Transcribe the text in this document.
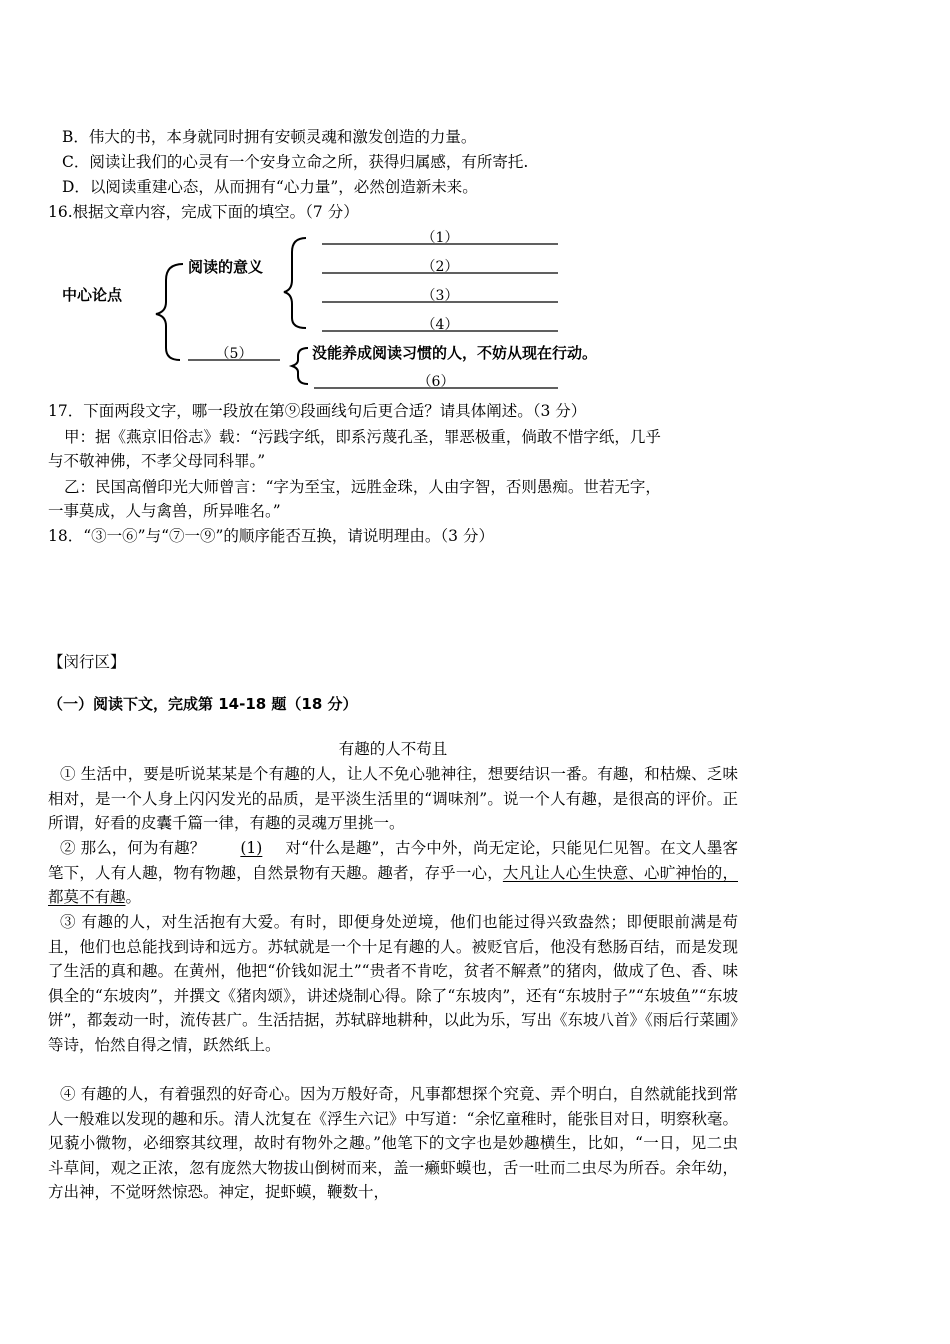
B．伟大的书，本身就同时拥有安顿灵魂和激发创造的力量。
C．阅读让我们的心灵有一个安身立命之所，获得归属感，有所寄托.
D．以阅读重建心态，从而拥有“心力量”，必然创造新未来。
16.根据文章内容，完成下面的填空。（7 分）
中心论点
阅读的意义
（1）
（2）
（3）
（4）
（5）	没能养成阅读习惯的人，不妨从现在行动。
（6）
17．下面两段文字，哪一段放在第⑨段画线句后更合适？请具体阐述。（3 分）
甲：据《燕京旧俗志》载：“污践字纸，即系污蔑孔圣，罪恶极重，倘敢不惜字纸，几乎
与不敬神佛，不孝父母同科罪。”
乙：民国高僧印光大师曾言：“字为至宝，远胜金珠，人由字智，否则愚痴。世若无字，
一事莫成，人与禽兽，所异唯名。”
18．“③一⑥”与“⑦一⑨”的顺序能否互换，请说明理由。（3 分）
【闵行区】
（一）阅读下文，完成第 14-18 题（18 分）
有趣的人不苟且
① 生活中，要是听说某某是个有趣的人，让人不免心驰神往，想要结识一番。有趣，和枯燥、乏味相对，是一个人身上闪闪发光的品质，是平淡生活里的“调味剂”。说一个人有趣，是很高的评价。正所谓，好看的皮囊千篇一律，有趣的灵魂万里挑一。
② 那么，何为有趣？ (1) 对“什么是趣”，古今中外，尚无定论，只能见仁见智。在文人墨客笔下，人有人趣，物有物趣，自然景物有天趣。趣者，存乎一心，大凡让人心生快意、心旷神怡的，都莫不有趣。
③ 有趣的人，对生活抱有大爱。有时，即便身处逆境，他们也能过得兴致盎然；即便眼前满是苟且，他们也总能找到诗和远方。苏轼就是一个十足有趣的人。被贬官后，他没有愁肠百结，而是发现了生活的真和趣。在黄州，他把“价钱如泥土”“贵者不肯吃，贫者不解煮”的猪肉，做成了色、香、味俱全的“东坡肉”，并撰文《猪肉颂》，讲述烧制心得。除了“东坡肉”，还有“东坡肘子”“东坡鱼”“东坡饼”，都轰动一时，流传甚广。生活拮据，苏轼辟地耕种，以此为乐，写出《东坡八首》《雨后行菜圃》等诗，怡然自得之情，跃然纸上。
④ 有趣的人，有着强烈的好奇心。因为万般好奇，凡事都想探个究竟、弄个明白，自然就能找到常人一般难以发现的趣和乐。清人沈复在《浮生六记》中写道：“余忆童稚时，能张目对日，明察秋毫。见藐小微物，必细察其纹理，故时有物外之趣。”他笔下的文字也是妙趣横生，比如，“一日，见二虫斗草间，观之正浓，忽有庞然大物拔山倒树而来，盖一癞虾蟆也，舌一吐而二虫尽为所吞。余年幼，方出神，不觉呀然惊恐。神定，捉虾蟆，鞭数十，
